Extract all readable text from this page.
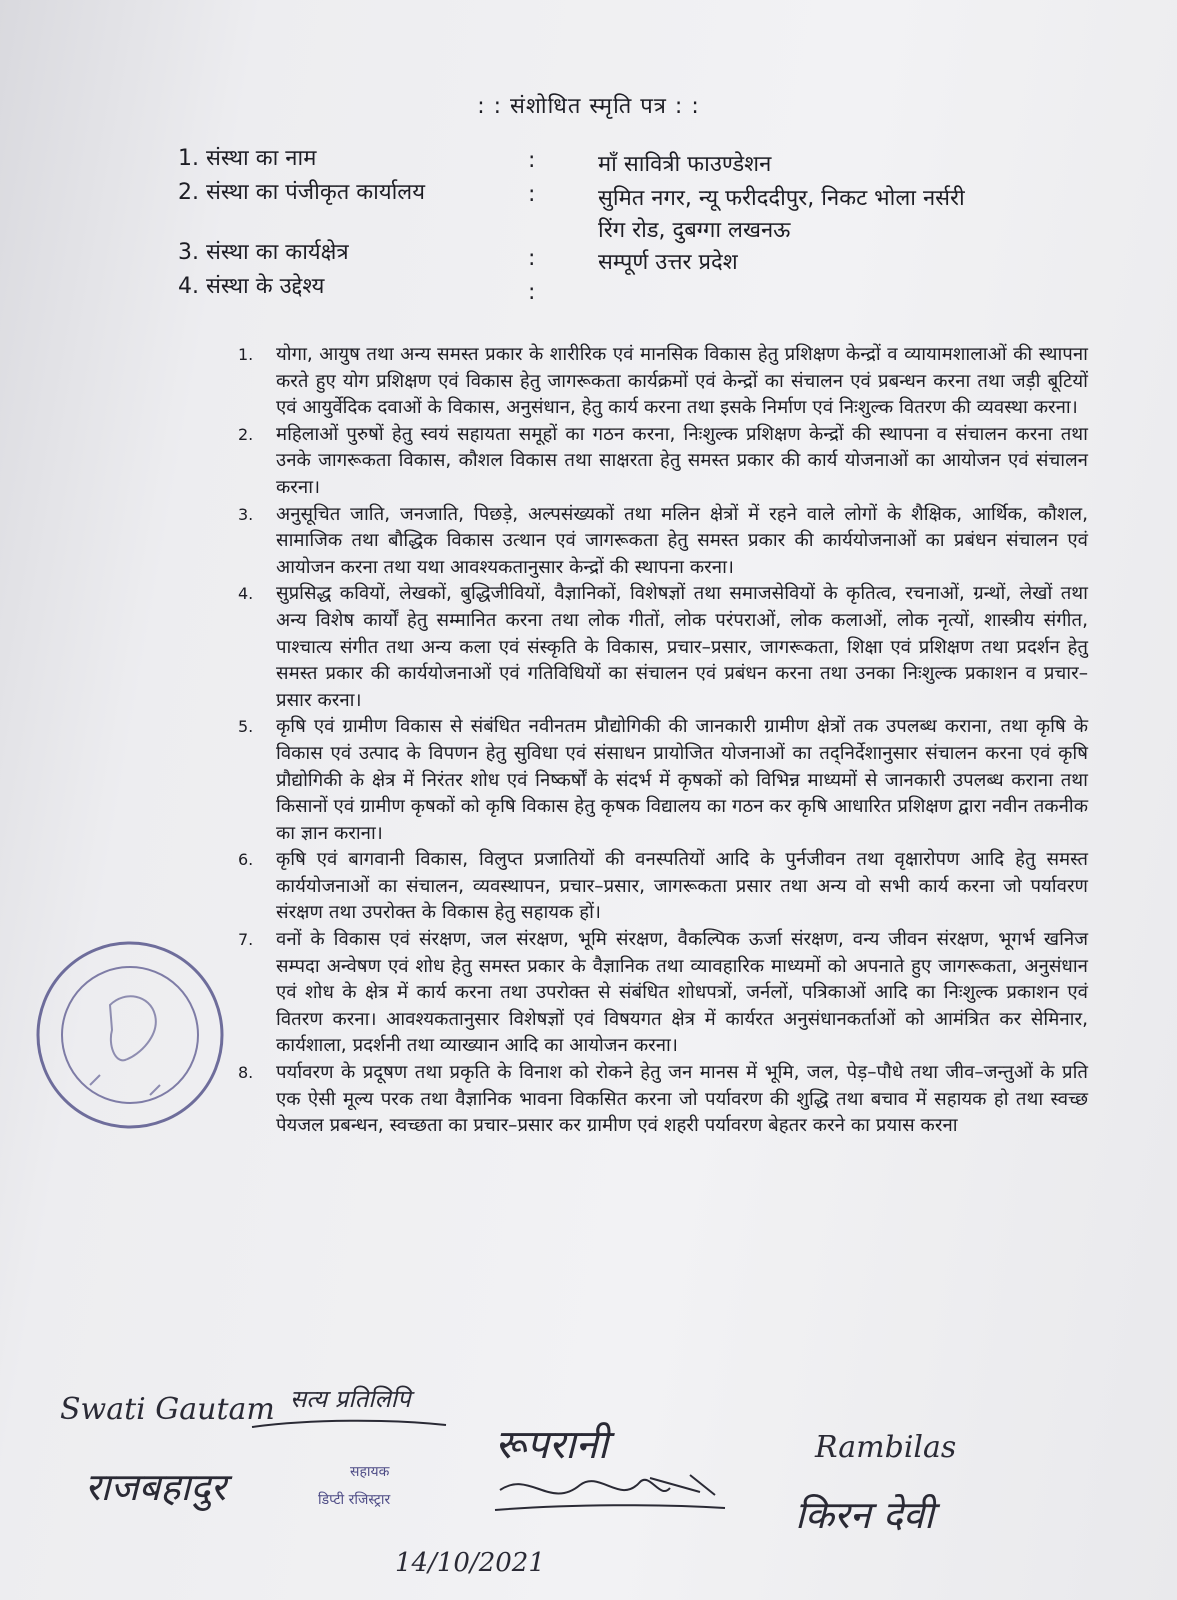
: : संशोधित स्मृति पत्र : :
1. संस्था का नाम	:	माँ सावित्री फाउण्डेशन
2. संस्था का पंजीकृत कार्यालय	:	सुमित नगर, न्यू फरीददीपुर, निकट भोला नर्सरी
रिंग रोड, दुबग्गा लखनऊ
3. संस्था का कार्यक्षेत्र	:	सम्पूर्ण उत्तर प्रदेश
4. संस्था के उद्देश्य	:

1. योगा, आयुष तथा अन्य समस्त प्रकार के शारीरिक एवं मानसिक विकास हेतु प्रशिक्षण केन्द्रों व व्यायामशालाओं की स्थापना करते हुए योग प्रशिक्षण एवं विकास हेतु जागरूकता कार्यक्रमों एवं केन्द्रों का संचालन एवं प्रबन्धन करना तथा जड़ी बूटियों एवं आयुर्वेदिक दवाओं के विकास, अनुसंधान, हेतु कार्य करना तथा इसके निर्माण एवं निःशुल्क वितरण की व्यवस्था करना।

2. महिलाओं पुरुषों हेतु स्वयं सहायता समूहों का गठन करना, निःशुल्क प्रशिक्षण केन्द्रों की स्थापना व संचालन करना तथा उनके जागरूकता विकास, कौशल विकास तथा साक्षरता हेतु समस्त प्रकार की कार्य योजनाओं का आयोजन एवं संचालन करना।

3. अनुसूचित जाति, जनजाति, पिछड़े, अल्पसंख्यकों तथा मलिन क्षेत्रों में रहने वाले लोगों के शैक्षिक, आर्थिक, कौशल, सामाजिक तथा बौद्धिक विकास उत्थान एवं जागरूकता हेतु समस्त प्रकार की कार्ययोजनाओं का प्रबंधन संचालन एवं आयोजन करना तथा यथा आवश्यकतानुसार केन्द्रों की स्थापना करना।

4. सुप्रसिद्ध कवियों, लेखकों, बुद्धिजीवियों, वैज्ञानिकों, विशेषज्ञों तथा समाजसेवियों के कृतित्व, रचनाओं, ग्रन्थों, लेखों तथा अन्य विशेष कार्यों हेतु सम्मानित करना तथा लोक गीतों, लोक परंपराओं, लोक कलाओं, लोक नृत्यों, शास्त्रीय संगीत, पाश्चात्य संगीत तथा अन्य कला एवं संस्कृति के विकास, प्रचार–प्रसार, जागरूकता, शिक्षा एवं प्रशिक्षण तथा प्रदर्शन हेतु समस्त प्रकार की कार्ययोजनाओं एवं गतिविधियों का संचालन एवं प्रबंधन करना तथा उनका निःशुल्क प्रकाशन व प्रचार–प्रसार करना।

5. कृषि एवं ग्रामीण विकास से संबंधित नवीनतम प्रौद्योगिकी की जानकारी ग्रामीण क्षेत्रों तक उपलब्ध कराना, तथा कृषि के विकास एवं उत्पाद के विपणन हेतु सुविधा एवं संसाधन प्रायोजित योजनाओं का तद्निर्देशानुसार संचालन करना एवं कृषि प्रौद्योगिकी के क्षेत्र में निरंतर शोध एवं निष्कर्षों के संदर्भ में कृषकों को विभिन्न माध्यमों से जानकारी उपलब्ध कराना तथा किसानों एवं ग्रामीण कृषकों को कृषि विकास हेतु कृषक विद्यालय का गठन कर कृषि आधारित प्रशिक्षण द्वारा नवीन तकनीक का ज्ञान कराना।

6. कृषि एवं बागवानी विकास, विलुप्त प्रजातियों की वनस्पतियों आदि के पुर्नजीवन तथा वृक्षारोपण आदि हेतु समस्त कार्ययोजनाओं का संचालन, व्यवस्थापन, प्रचार–प्रसार, जागरूकता प्रसार तथा अन्य वो सभी कार्य करना जो पर्यावरण संरक्षण तथा उपरोक्त के विकास हेतु सहायक हों।

7. वनों के विकास एवं संरक्षण, जल संरक्षण, भूमि संरक्षण, वैकल्पिक ऊर्जा संरक्षण, वन्य जीवन संरक्षण, भूगर्भ खनिज सम्पदा अन्वेषण एवं शोध हेतु समस्त प्रकार के वैज्ञानिक तथा व्यावहारिक माध्यमों को अपनाते हुए जागरूकता, अनुसंधान एवं शोध के क्षेत्र में कार्य करना तथा उपरोक्त से संबंधित शोधपत्रों, जर्नलों, पत्रिकाओं आदि का निःशुल्क प्रकाशन एवं वितरण करना। आवश्यकतानुसार विशेषज्ञों एवं विषयगत क्षेत्र में कार्यरत अनुसंधानकर्ताओं को आमंत्रित कर सेमिनार, कार्यशाला, प्रदर्शनी तथा व्याख्यान आदि का आयोजन करना।

8. पर्यावरण के प्रदूषण तथा प्रकृति के विनाश को रोकने हेतु जन मानस में भूमि, जल, पेड़–पौधे तथा जीव–जन्तुओं के प्रति एक ऐसी मूल्य परक तथा वैज्ञानिक भावना विकसित करना जो पर्यावरण की शुद्धि तथा बचाव में सहायक हो तथा स्वच्छ पेयजल प्रबन्धन, स्वच्छता का प्रचार–प्रसार कर ग्रामीण एवं शहरी पर्यावरण बेहतर करने का प्रयास करना

Swati Gautam सत्य प्रतिलिपि
रूपरानी	Rambilas
राजबहादुर	सहायक
डिप्टी रजिस्ट्रार	किरन देवी
14/10/2021
